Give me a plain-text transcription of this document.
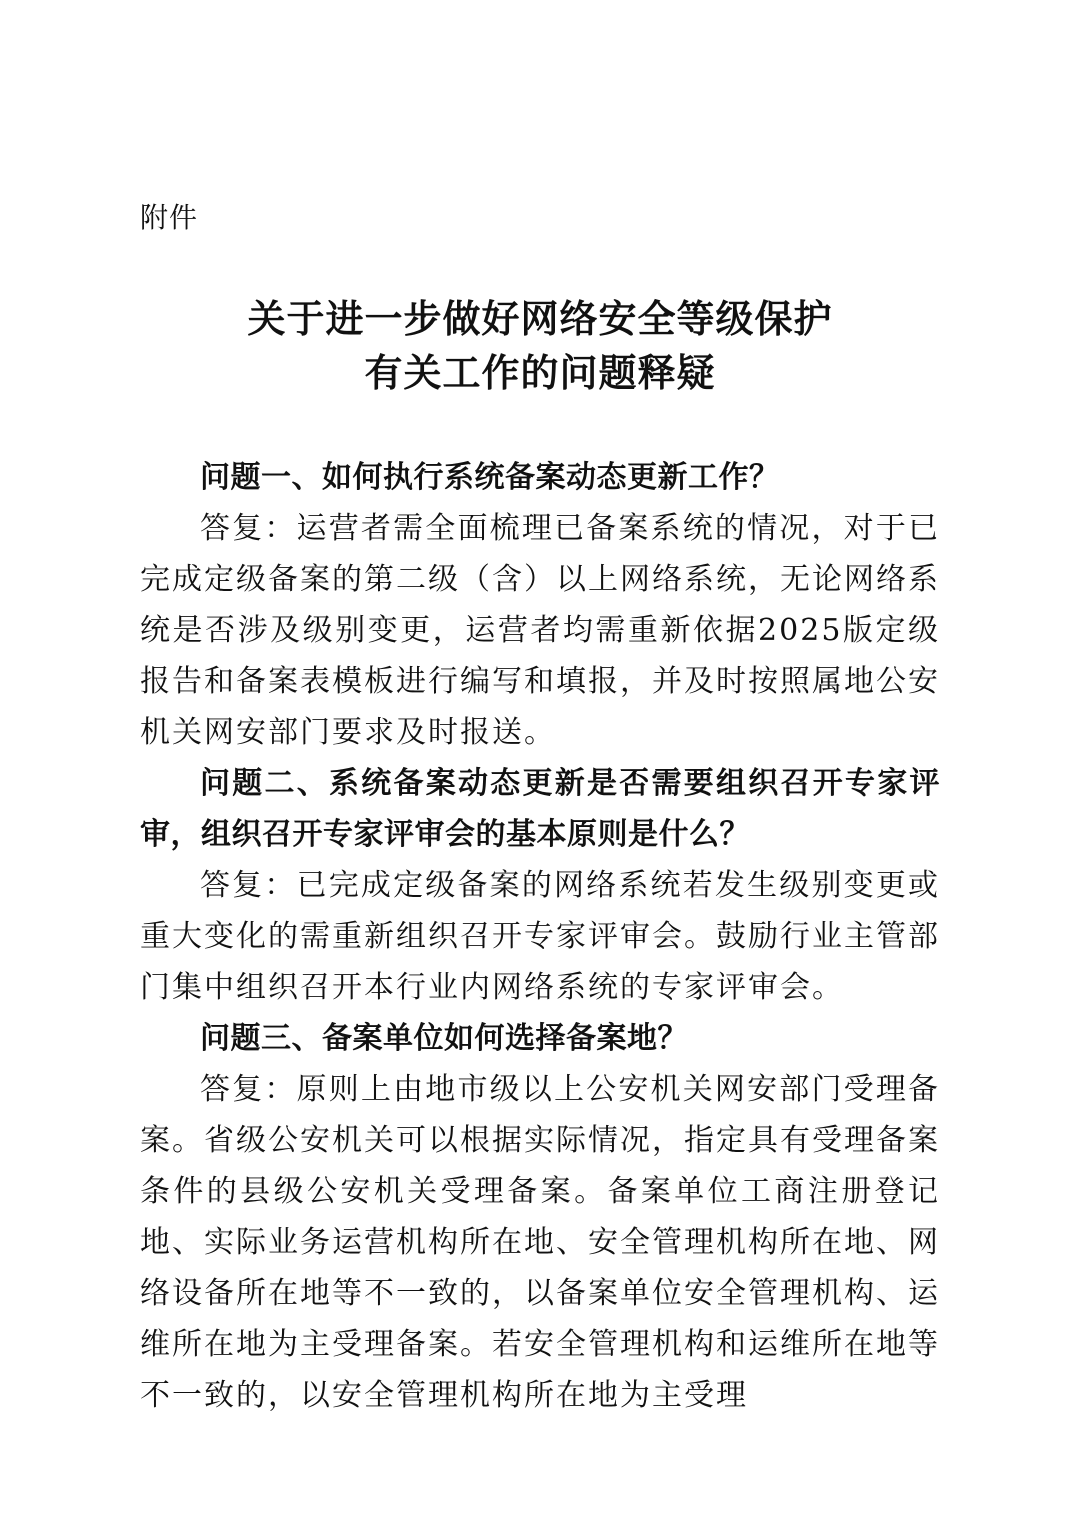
附件
关于进一步做好网络安全等级保护
有关工作的问题释疑

问题一、如何执行系统备案动态更新工作？

答复：运营者需全面梳理已备案系统的情况，对于已完成定级备案的第二级（含）以上网络系统，无论网络系统是否涉及级别变更，运营者均需重新依据2025版定级报告和备案表模板进行编写和填报，并及时按照属地公安机关网安部门要求及时报送。

问题二、系统备案动态更新是否需要组织召开专家评审，组织召开专家评审会的基本原则是什么？

答复：已完成定级备案的网络系统若发生级别变更或重大变化的需重新组织召开专家评审会。鼓励行业主管部门集中组织召开本行业内网络系统的专家评审会。

问题三、备案单位如何选择备案地？

答复：原则上由地市级以上公安机关网安部门受理备案。省级公安机关可以根据实际情况，指定具有受理备案条件的县级公安机关受理备案。备案单位工商注册登记地、实际业务运营机构所在地、安全管理机构所在地、网络设备所在地等不一致的，以备案单位安全管理机构、运维所在地为主受理备案。若安全管理机构和运维所在地等不一致的，以安全管理机构所在地为主受理
